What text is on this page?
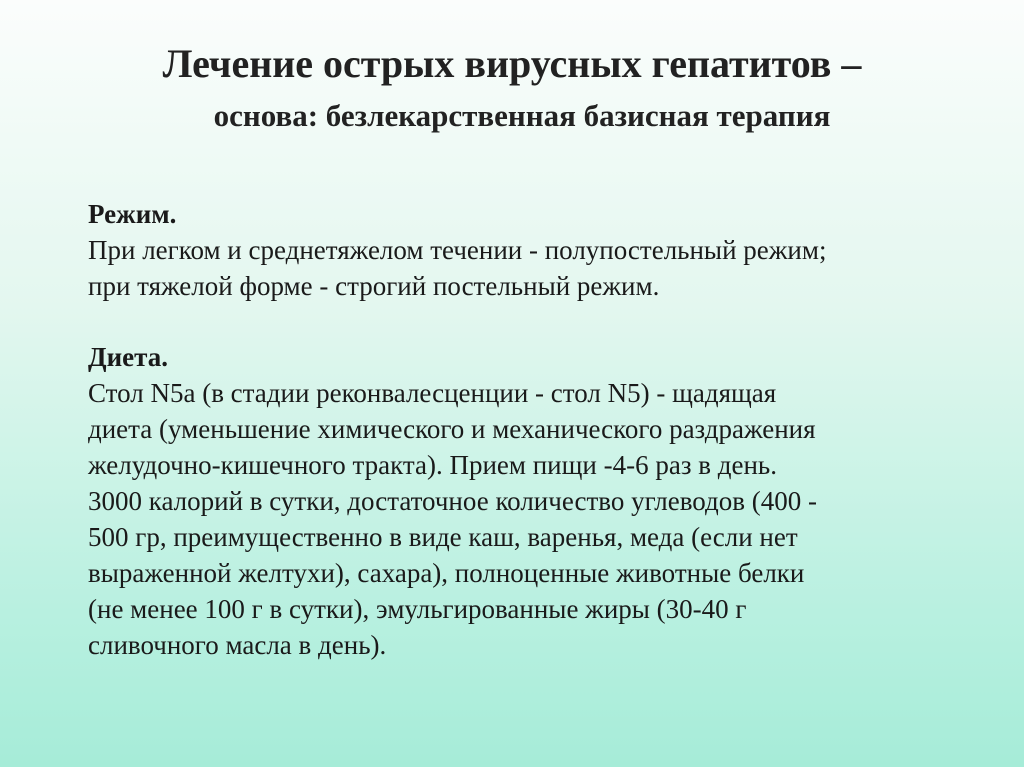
Лечение острых вирусных гепатитов –
основа: безлекарственная базисная терапия
Режим.
При легком и среднетяжелом течении - полупостельный режим;
при тяжелой форме - строгий постельный режим.
Диета.
Стол N5а (в стадии реконвалесценции - стол N5) - щадящая
диета (уменьшение химического и механического раздражения
желудочно-кишечного тракта). Прием пищи -4-6 раз в день.
3000 калорий в сутки, достаточное количество углеводов (400 -
500 гр, преимущественно в виде каш, варенья, меда (если нет
выраженной желтухи), сахара), полноценные животные белки
(не менее 100 г в сутки), эмульгированные жиры (30-40 г
сливочного масла в день).
